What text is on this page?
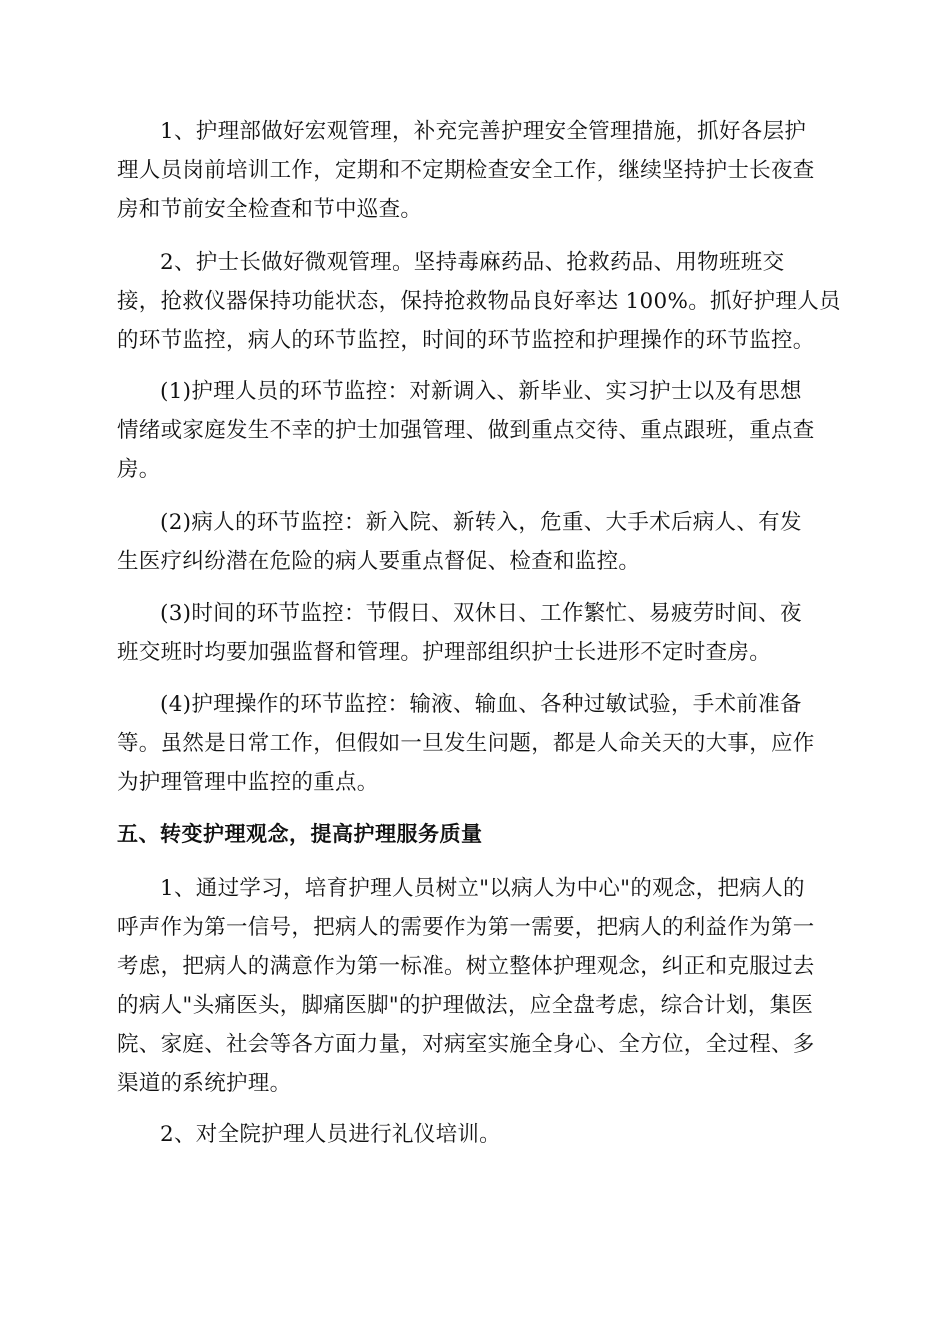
1、护理部做好宏观管理，补充完善护理安全管理措施，抓好各层护
理人员岗前培训工作，定期和不定期检查安全工作，继续坚持护士长夜查
房和节前安全检查和节中巡查。
2、护士长做好微观管理。坚持毒麻药品、抢救药品、用物班班交
接，抢救仪器保持功能状态，保持抢救物品良好率达 100%。抓好护理人员
的环节监控，病人的环节监控，时间的环节监控和护理操作的环节监控。
(1)护理人员的环节监控：对新调入、新毕业、实习护士以及有思想
情绪或家庭发生不幸的护士加强管理、做到重点交待、重点跟班，重点查
房。
(2)病人的环节监控：新入院、新转入，危重、大手术后病人、有发
生医疗纠纷潜在危险的病人要重点督促、检查和监控。
(3)时间的环节监控：节假日、双休日、工作繁忙、易疲劳时间、夜
班交班时均要加强监督和管理。护理部组织护士长进形不定时查房。
(4)护理操作的环节监控：输液、输血、各种过敏试验，手术前准备
等。虽然是日常工作，但假如一旦发生问题，都是人命关天的大事，应作
为护理管理中监控的重点。
五、转变护理观念，提高护理服务质量
1、通过学习，培育护理人员树立"以病人为中心"的观念，把病人的
呼声作为第一信号，把病人的需要作为第一需要，把病人的利益作为第一
考虑，把病人的满意作为第一标准。树立整体护理观念，纠正和克服过去
的病人"头痛医头，脚痛医脚"的护理做法，应全盘考虑，综合计划，集医
院、家庭、社会等各方面力量，对病室实施全身心、全方位，全过程、多
渠道的系统护理。
2、对全院护理人员进行礼仪培训。
